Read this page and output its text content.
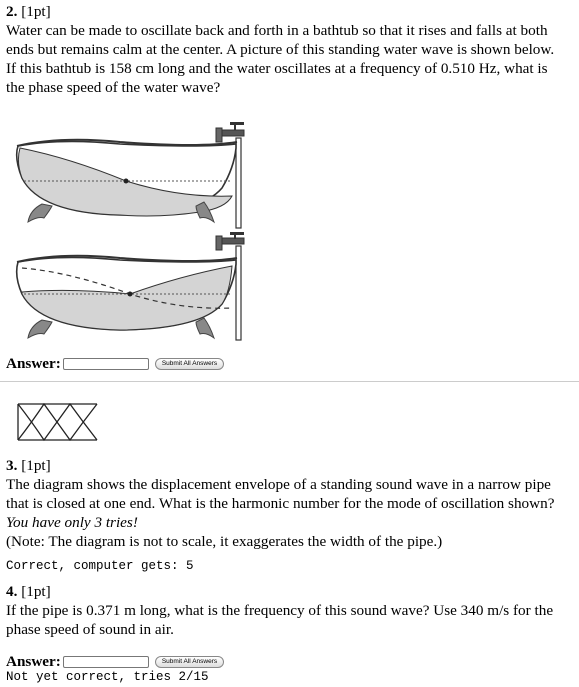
2. [1pt]
Water can be made to oscillate back and forth in a bathtub so that it rises and falls at both
ends but remains calm at the center. A picture of this standing water wave is shown below.
If this bathtub is 158 cm long and the water oscillates at a frequency of 0.510 Hz, what is
the phase speed of the water wave?
Answer:	Submit All Answers
3. [1pt]
The diagram shows the displacement envelope of a standing sound wave in a narrow pipe
that is closed at one end. What is the harmonic number for the mode of oscillation shown?
You have only 3 tries!
(Note: The diagram is not to scale, it exaggerates the width of the pipe.)
Correct, computer gets: 5
4. [1pt]
If the pipe is 0.371 m long, what is the frequency of this sound wave? Use 340 m/s for the
phase speed of sound in air.
Answer:	Submit All Answers
Not yet correct, tries 2/15
